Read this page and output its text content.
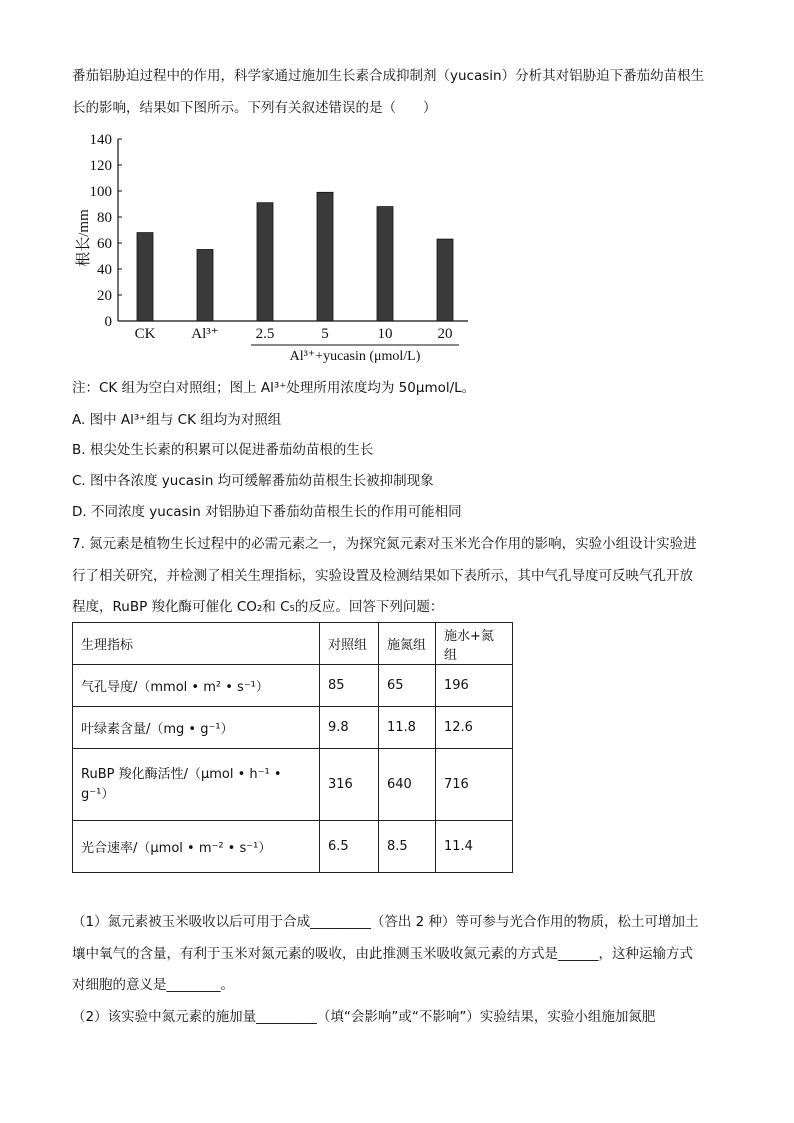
番茄铝胁迫过程中的作用，科学家通过施加生长素合成抑制剂（yucasin）分析其对铝胁迫下番茄幼苗根生
长的影响，结果如下图所示。下列有关叙述错误的是（　　）
0
20
40
60
80
100
120
140
CK Al³⁺ 2.5	5	10	20
根长/mm
Al³⁺+yucasin (μmol/L)
注：CK 组为空白对照组；图上 Al³⁺处理所用浓度均为 50μmol/L。
A. 图中 Al³⁺组与 CK 组均为对照组
B. 根尖处生长素的积累可以促进番茄幼苗根的生长
C. 图中各浓度 yucasin 均可缓解番茄幼苗根生长被抑制现象
D. 不同浓度 yucasin 对铝胁迫下番茄幼苗根生长的作用可能相同
7. 氮元素是植物生长过程中的必需元素之一，为探究氮元素对玉米光合作用的影响，实验小组设计实验进
行了相关研究，并检测了相关生理指标，实验设置及检测结果如下表所示，其中气孔导度可反映气孔开放
程度，RuBP 羧化酶可催化 CO₂和 C₅的反应。回答下列问题：
生理指标	对照组	施氮组	施水+氮组
气孔导度/（mmol • m² • s⁻¹）	85	65	196
叶绿素含量/（mg • g⁻¹）	9.8	11.8	12.6
RuBP 羧化酶活性/（μmol • h⁻¹ • g⁻¹）	316	640	716
光合速率/（μmol • m⁻² • s⁻¹）	6.5	8.5	11.4
（1）氮元素被玉米吸收以后可用于合成_________（答出 2 种）等可参与光合作用的物质，松土可增加土
壤中氧气的含量，有利于玉米对氮元素的吸收，由此推测玉米吸收氮元素的方式是______，这种运输方式
对细胞的意义是________。
（2）该实验中氮元素的施加量_________（填“会影响”或“不影响”）实验结果，实验小组施加氮肥
